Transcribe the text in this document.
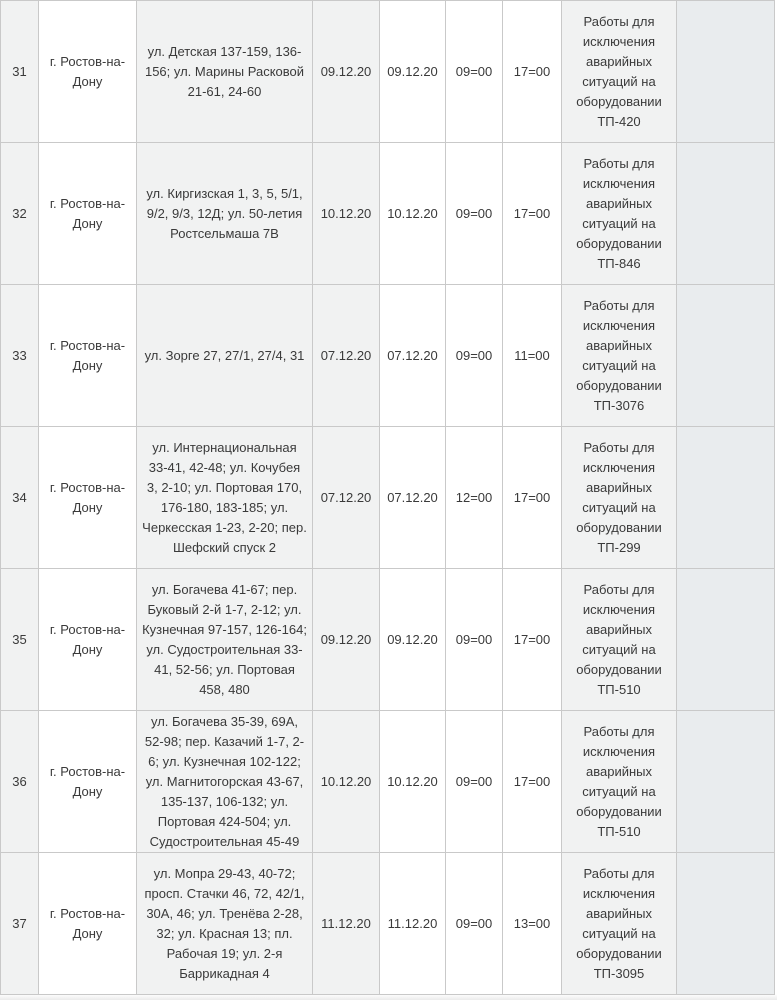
31	г. Ростов-на-Дону	ул. Детская 137-159, 136-156; ул. Марины Расковой 21-61, 24-60	09.12.20	09.12.20	09=00	17=00	Работы для исключения аварийных ситуаций на оборудовании ТП-420	
32	г. Ростов-на-Дону	ул. Киргизская 1, 3, 5, 5/1, 9/2, 9/3, 12Д; ул. 50-летия Ростсельмаша 7В	10.12.20	10.12.20	09=00	17=00	Работы для исключения аварийных ситуаций на оборудовании ТП-846	
33	г. Ростов-на-Дону	ул. Зорге 27, 27/1, 27/4, 31	07.12.20	07.12.20	09=00	11=00	Работы для исключения аварийных ситуаций на оборудовании ТП-3076	
34	г. Ростов-на-Дону	ул. Интернациональная 33-41, 42-48; ул. Кочубея 3, 2-10; ул. Портовая 170, 176-180, 183-185; ул. Черкесская 1-23, 2-20; пер. Шефский спуск 2	07.12.20	07.12.20	12=00	17=00	Работы для исключения аварийных ситуаций на оборудовании ТП-299	
35	г. Ростов-на-Дону	ул. Богачева 41-67; пер. Буковый 2-й 1-7, 2-12; ул. Кузнечная 97-157, 126-164; ул. Судостроительная 33-41, 52-56; ул. Портовая 458, 480	09.12.20	09.12.20	09=00	17=00	Работы для исключения аварийных ситуаций на оборудовании ТП-510	
36	г. Ростов-на-Дону	ул. Богачева 35-39, 69А, 52-98; пер. Казачий 1-7, 2-6; ул. Кузнечная 102-122; ул. Магнитогорская 43-67, 135-137, 106-132; ул. Портовая 424-504; ул. Судостроительная 45-49	10.12.20	10.12.20	09=00	17=00	Работы для исключения аварийных ситуаций на оборудовании ТП-510	
37	г. Ростов-на-Дону	ул. Мопра 29-43, 40-72; просп. Стачки 46, 72, 42/1, 30А, 46; ул. Тренёва 2-28, 32; ул. Красная 13; пл. Рабочая 19; ул. 2-я Баррикадная 4	11.12.20	11.12.20	09=00	13=00	Работы для исключения аварийных ситуаций на оборудовании ТП-3095	
